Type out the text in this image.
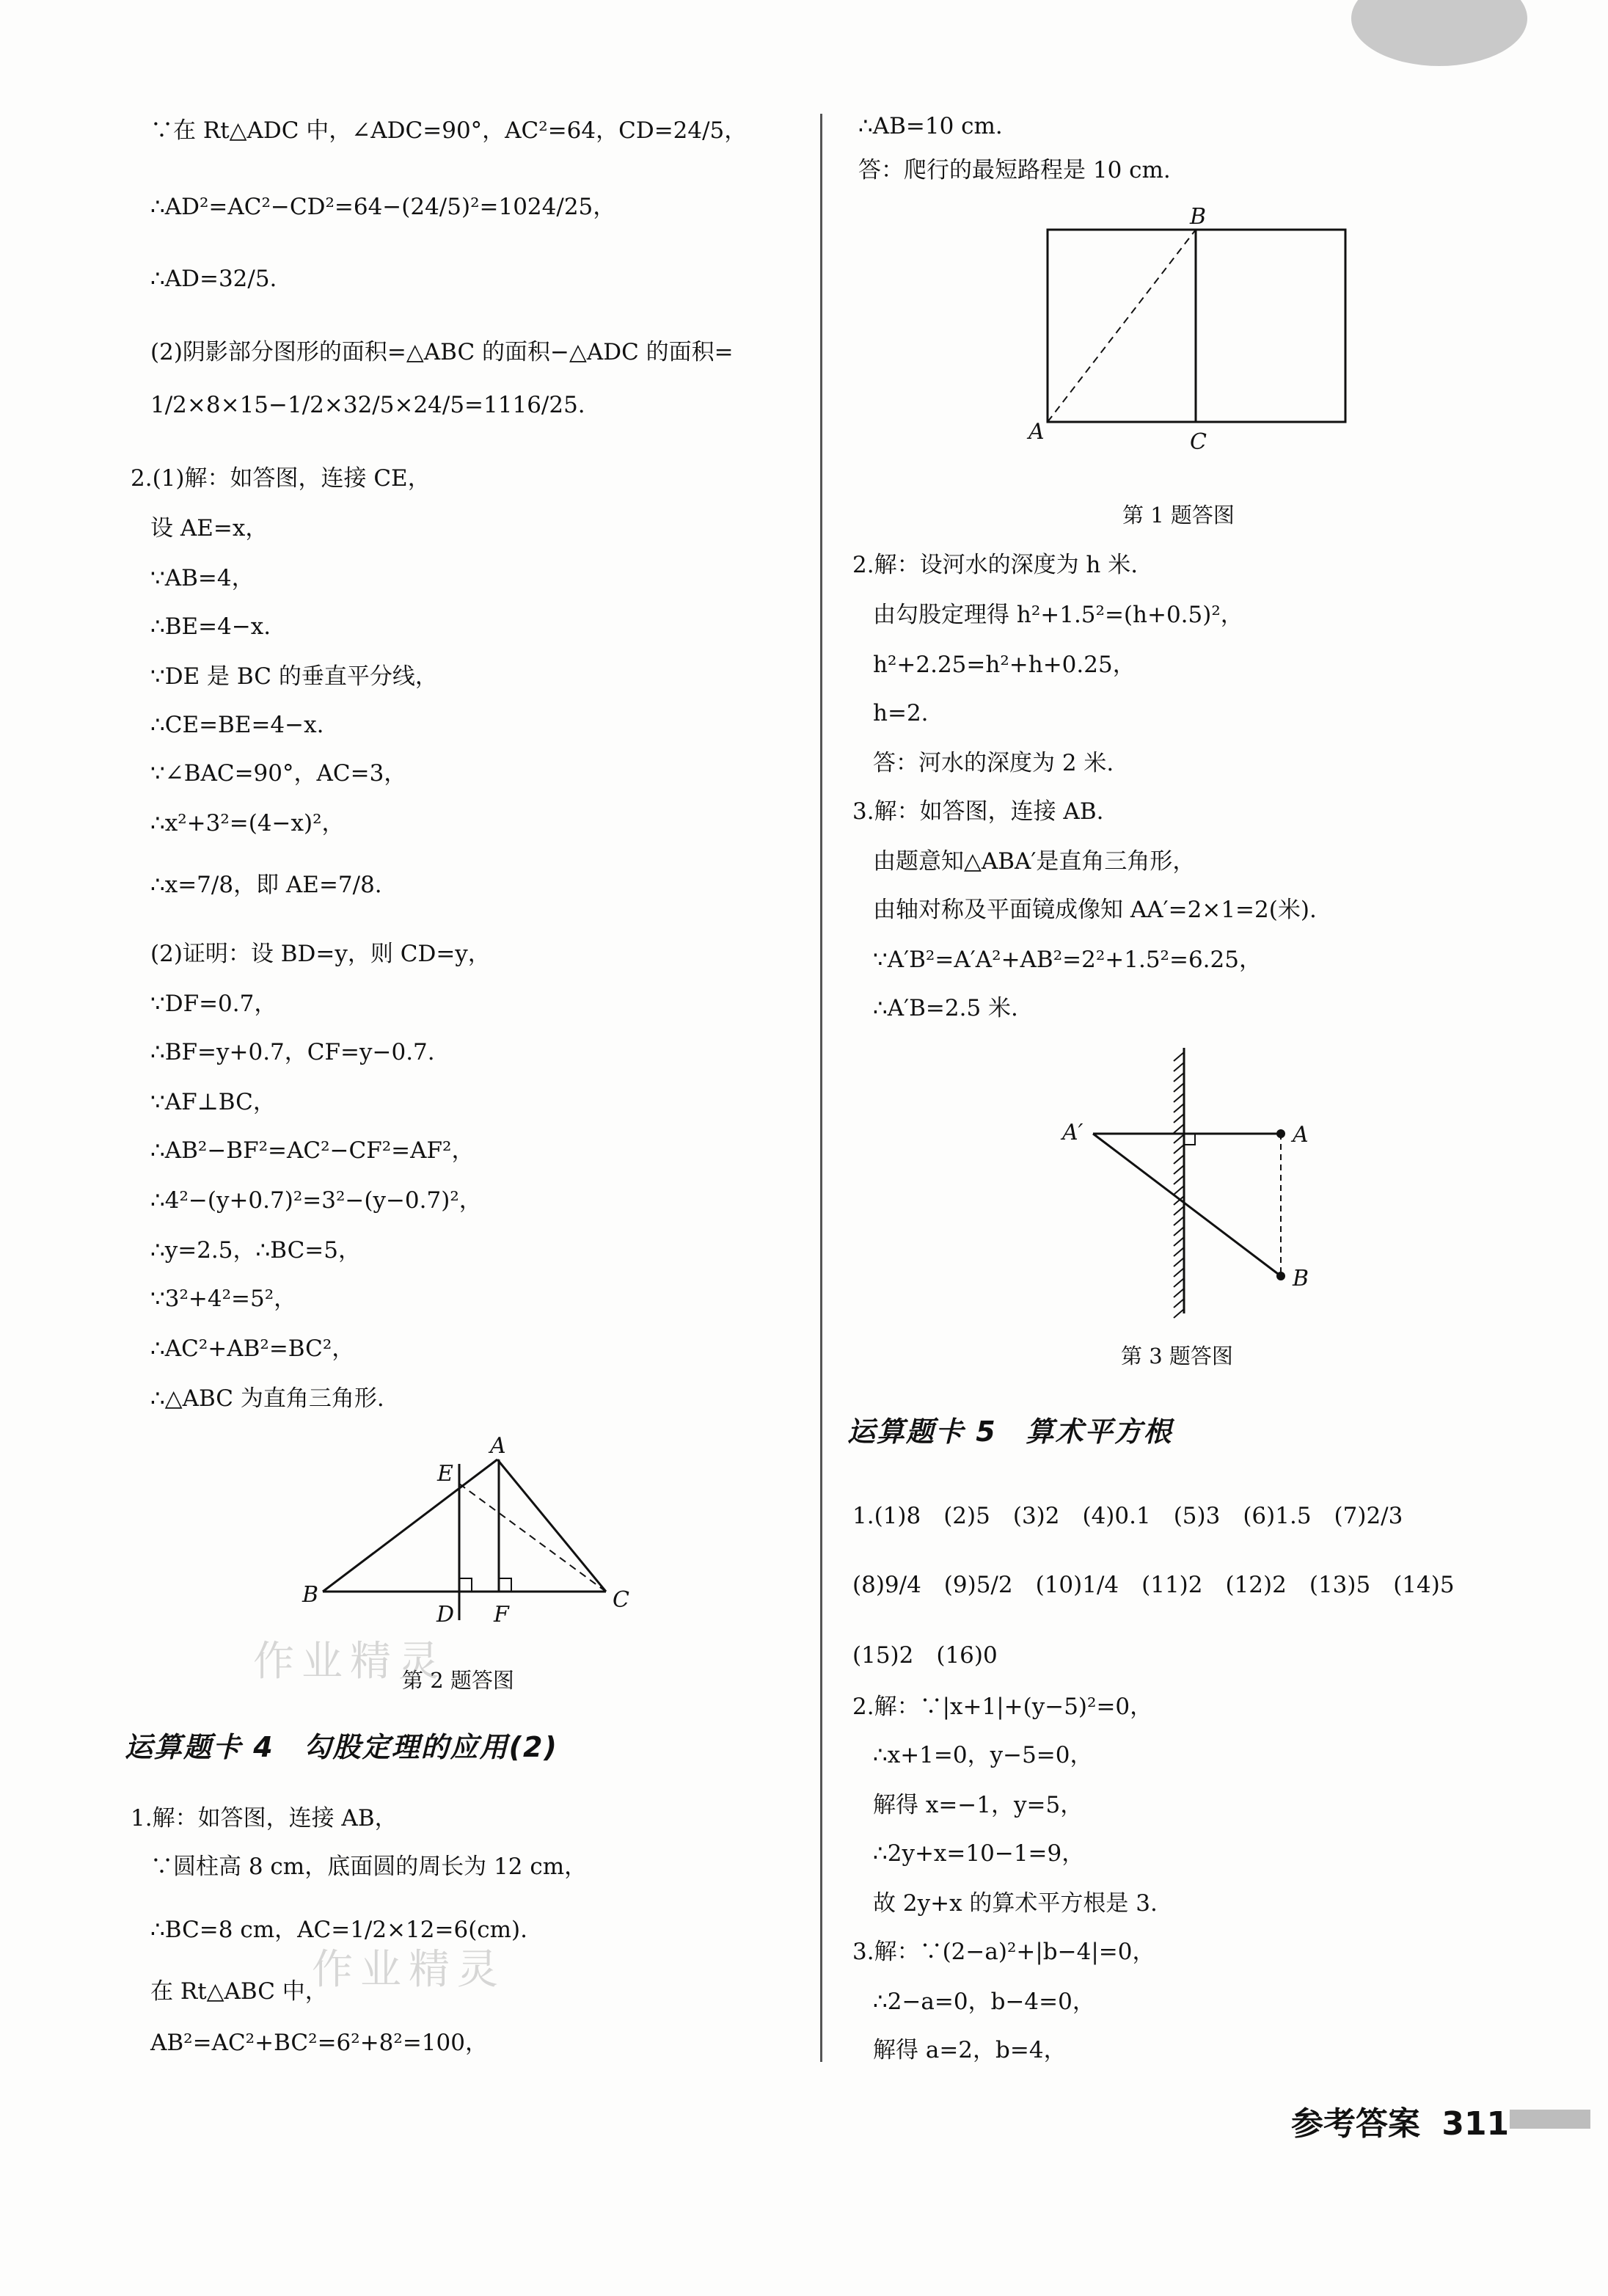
∵在 Rt△ADC 中，∠ADC=90°，AC²=64，CD=24/5，
∴AD²=AC²−CD²=64−(24/5)²=1024/25，
∴AD=32/5.
(2)阴影部分图形的面积=△ABC 的面积−△ADC 的面积=
1/2×8×15−1/2×32/5×24/5=1116/25.
2.(1)解：如答图，连接 CE，
设 AE=x，
∵AB=4，
∴BE=4−x.
∵DE 是 BC 的垂直平分线，
∴CE=BE=4−x.
∵∠BAC=90°，AC=3，
∴x²+3²=(4−x)²，
∴x=7/8，即 AE=7/8.
(2)证明：设 BD=y，则 CD=y，
∵DF=0.7，
∴BF=y+0.7，CF=y−0.7.
∵AF⊥BC，
∴AB²−BF²=AC²−CF²=AF²，
∴4²−(y+0.7)²=3²−(y−0.7)²，
∴y=2.5，∴BC=5，
∵3²+4²=5²，
∴AC²+AB²=BC²，
∴△ABC 为直角三角形.
A
E
B
D F
C
第 2 题答图
作业精灵
运算题卡 4　勾股定理的应用(2)
1.解：如答图，连接 AB，
∵圆柱高 8 cm，底面圆的周长为 12 cm，
∴BC=8 cm，AC=1/2×12=6(cm).
在 Rt△ABC 中，
AB²=AC²+BC²=6²+8²=100，
作业精灵
∴AB=10 cm.
答：爬行的最短路程是 10 cm.
B
A	C
第 1 题答图
2.解：设河水的深度为 h 米.
由勾股定理得 h²+1.5²=(h+0.5)²，
h²+2.25=h²+h+0.25，
h=2.
答：河水的深度为 2 米.
3.解：如答图，连接 AB.
由题意知△ABA′是直角三角形，
由轴对称及平面镜成像知 AA′=2×1=2(米).
∵A′B²=A′A²+AB²=2²+1.5²=6.25，
∴A′B=2.5 米.
A′	A
B
第 3 题答图
运算题卡 5　算术平方根
1.(1)8　(2)5　(3)2　(4)0.1　(5)3　(6)1.5　(7)2/3
(8)9/4　(9)5/2　(10)1/4　(11)2　(12)2　(13)5　(14)5
(15)2　(16)0
2.解：∵|x+1|+(y−5)²=0，
∴x+1=0，y−5=0，
解得 x=−1，y=5，
∴2y+x=10−1=9，
故 2y+x 的算术平方根是 3.
3.解：∵(2−a)²+|b−4|=0，
∴2−a=0，b−4=0，
解得 a=2，b=4，
参考答案 311
